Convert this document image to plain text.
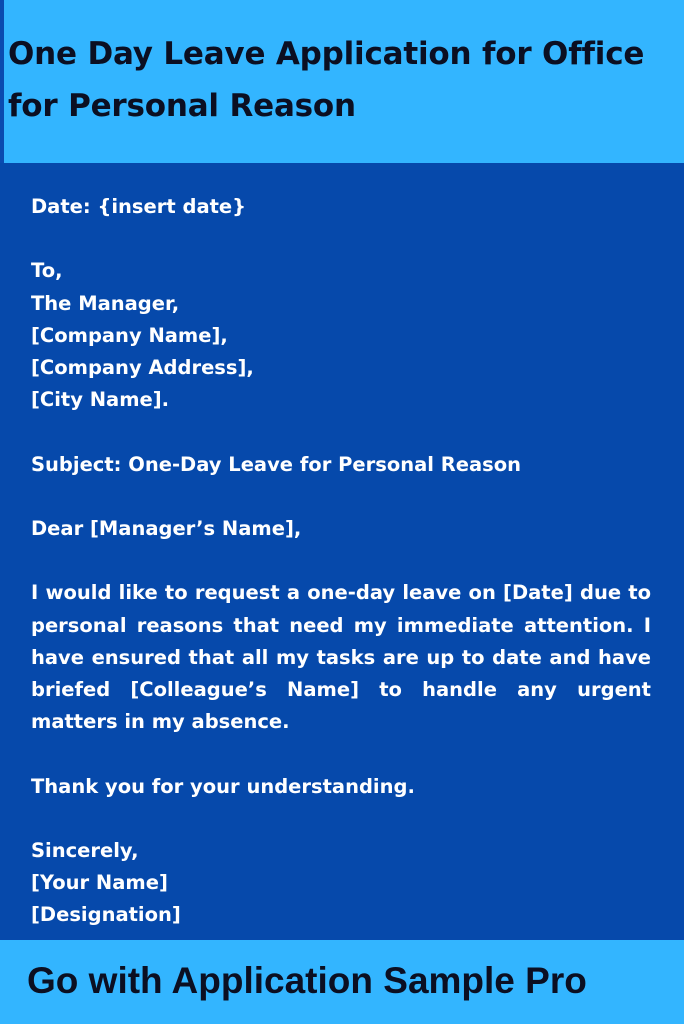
One Day Leave Application for Office for Personal Reason

Date: {insert date}

To,

The Manager,

[Company Name],

[Company Address],

[City Name].

Subject: One-Day Leave for Personal Reason

Dear [Manager’s Name],

I would like to request a one-day leave on [Date] due to personal reasons that need my immediate attention. I have ensured that all my tasks are up to date and have briefed [Colleague’s Name] to handle any urgent matters in my absence.

Thank you for your understanding.

Sincerely,

[Your Name]

[Designation]

Go with Application Sample Pro
